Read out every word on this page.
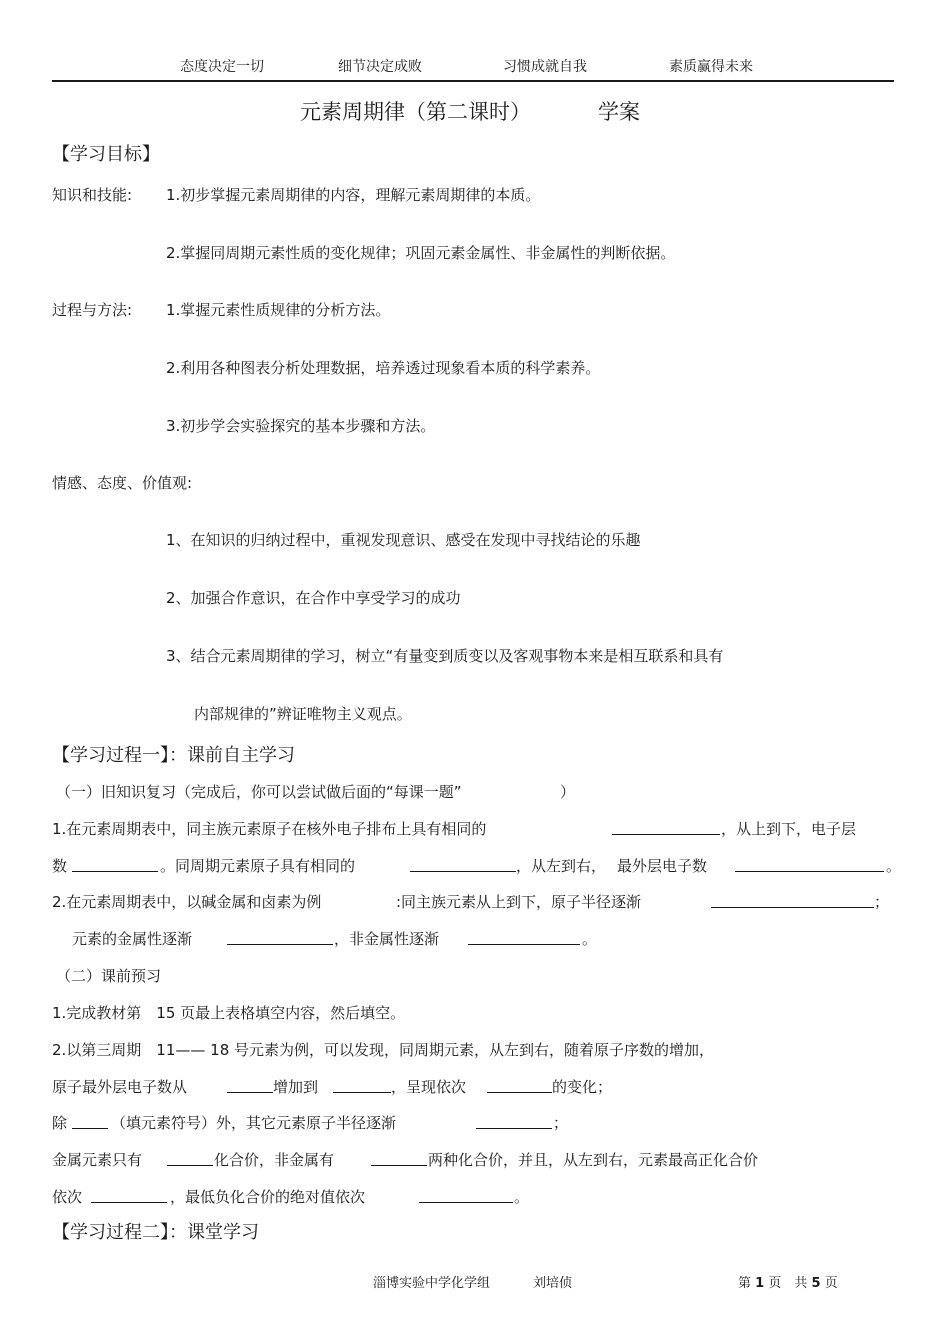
态度决定一切	细节决定成败	习惯成就自我	素质赢得未来
元素周期律（第二课时）	学案
【学习目标】
知识和技能: 1.初步掌握元素周期律的内容，理解元素周期律的本质。
2.掌握同周期元素性质的变化规律；巩固元素金属性、非金属性的判断依据。
过程与方法: 1.掌握元素性质规律的分析方法。
2.利用各种图表分析处理数据，培养透过现象看本质的科学素养。
3.初步学会实验探究的基本步骤和方法。
情感、态度、价值观:
1、在知识的归纳过程中，重视发现意识、感受在发现中寻找结论的乐趣
2、加强合作意识，在合作中享受学习的成功
3、结合元素周期律的学习，树立“有量变到质变以及客观事物本来是相互联系和具有
内部规律的”辨证唯物主义观点。
【学习过程一】：课前自主学习
（一）旧知识复习（完成后，你可以尝试做后面的“每课一题”	）
1.在元素周期表中，同主族元素原子在核外电子排布上具有相同的	，从上到下，电子层
数	。同周期元素原子具有相同的	，从左到右， 最外层电子数	。
2.在元素周期表中，以碱金属和卤素为例	:同主族元素从上到下，原子半径逐渐	；
元素的金属性逐渐	，非金属性逐渐	。
（二）课前预习
1.完成教材第　15 页最上表格填空内容，然后填空。
2.以第三周期　11—— 18 号元素为例，可以发现，同周期元素，从左到右，随着原子序数的增加，
原子最外层电子数从	增加到	，呈现依次	的变化；
除	（填元素符号）外，其它元素原子半径逐渐	；
金属元素只有	化合价，非金属有	两种化合价，并且，从左到右，元素最高正化合价
依次	，最低负化合价的绝对值依次	。
【学习过程二】：课堂学习
淄博实验中学化学组	刘培侦	第 1 页　共 5 页
